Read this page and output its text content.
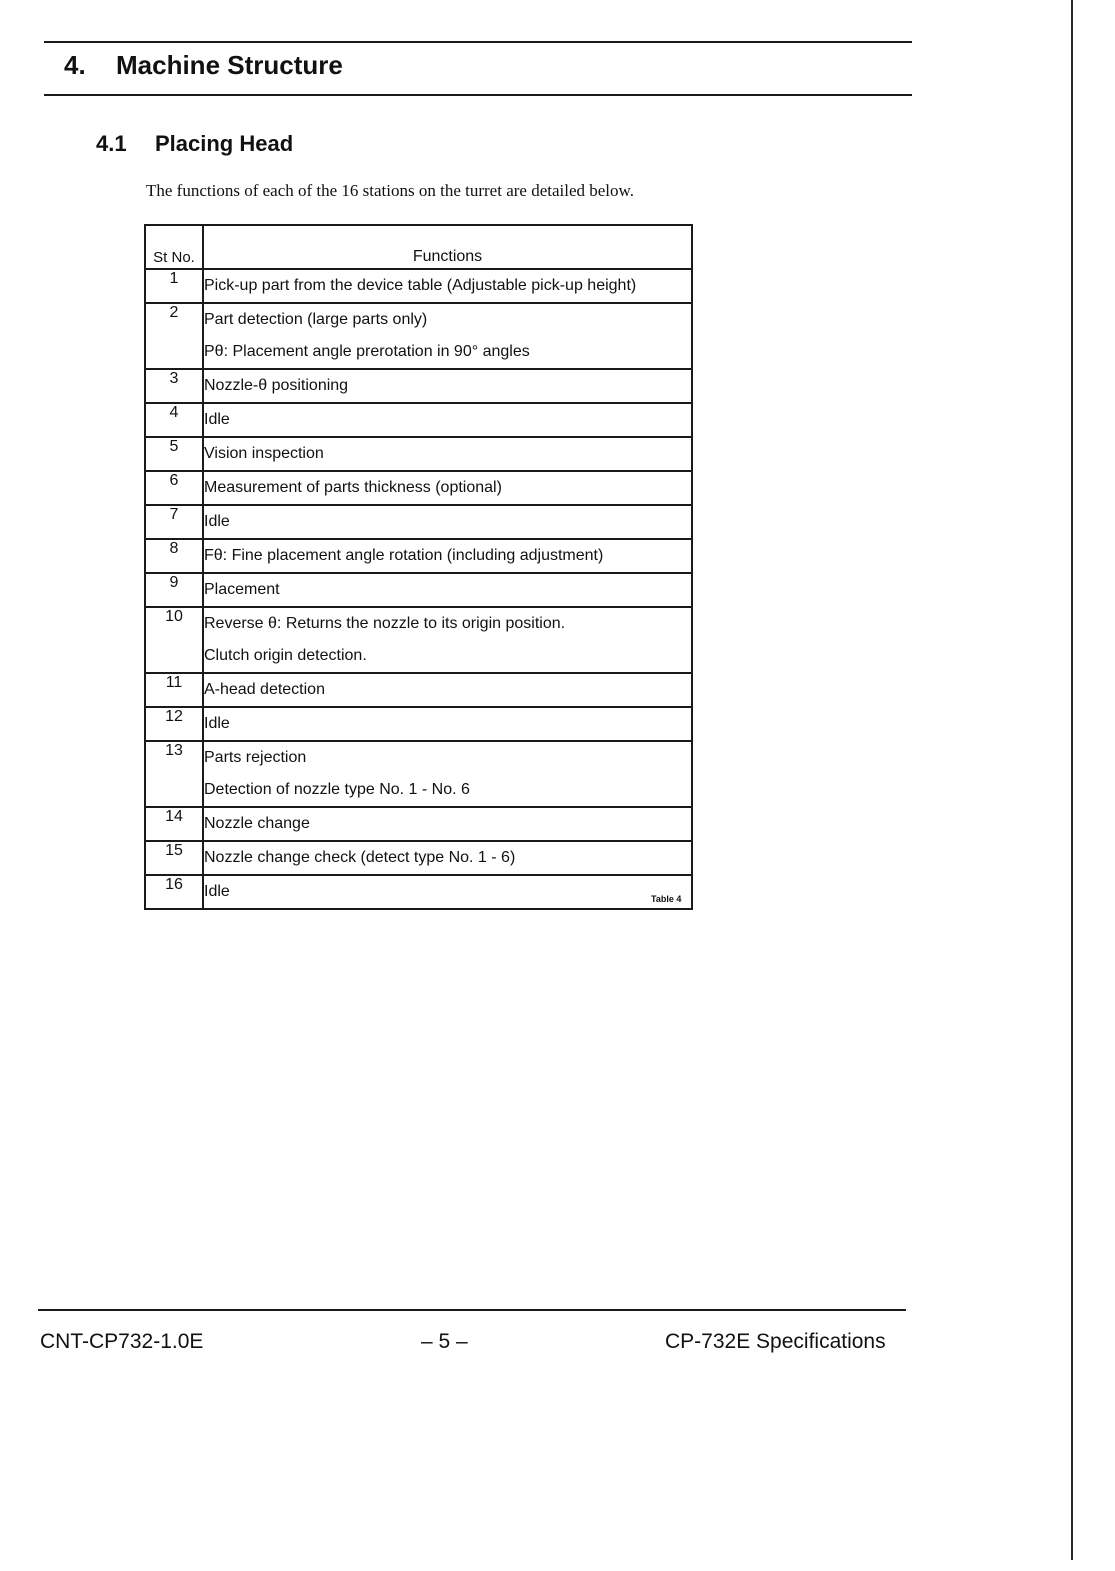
4. Machine Structure
4.1 Placing Head

The functions of each of the 16 stations on the turret are detailed below.

St No.	Functions
1	Pick-up part from the device table (Adjustable pick-up height)

2	Part detection (large parts only)
Pθ: Placement angle prerotation in 90° angles

3	Nozzle-θ positioning

4	Idle

5	Vision inspection

6	Measurement of parts thickness (optional)

7	Idle

8	Fθ: Fine placement angle rotation (including adjustment)

9	Placement

10	Reverse θ: Returns the nozzle to its origin position.
Clutch origin detection.

11	A-head detection

12	Idle

13	Parts rejection
Detection of nozzle type No. 1 - No. 6

14	Nozzle change

15	Nozzle change check (detect type No. 1 - 6)

16	Idle	Table 4

CNT-CP732-1.0E	– 5 –	CP-732E Specifications
